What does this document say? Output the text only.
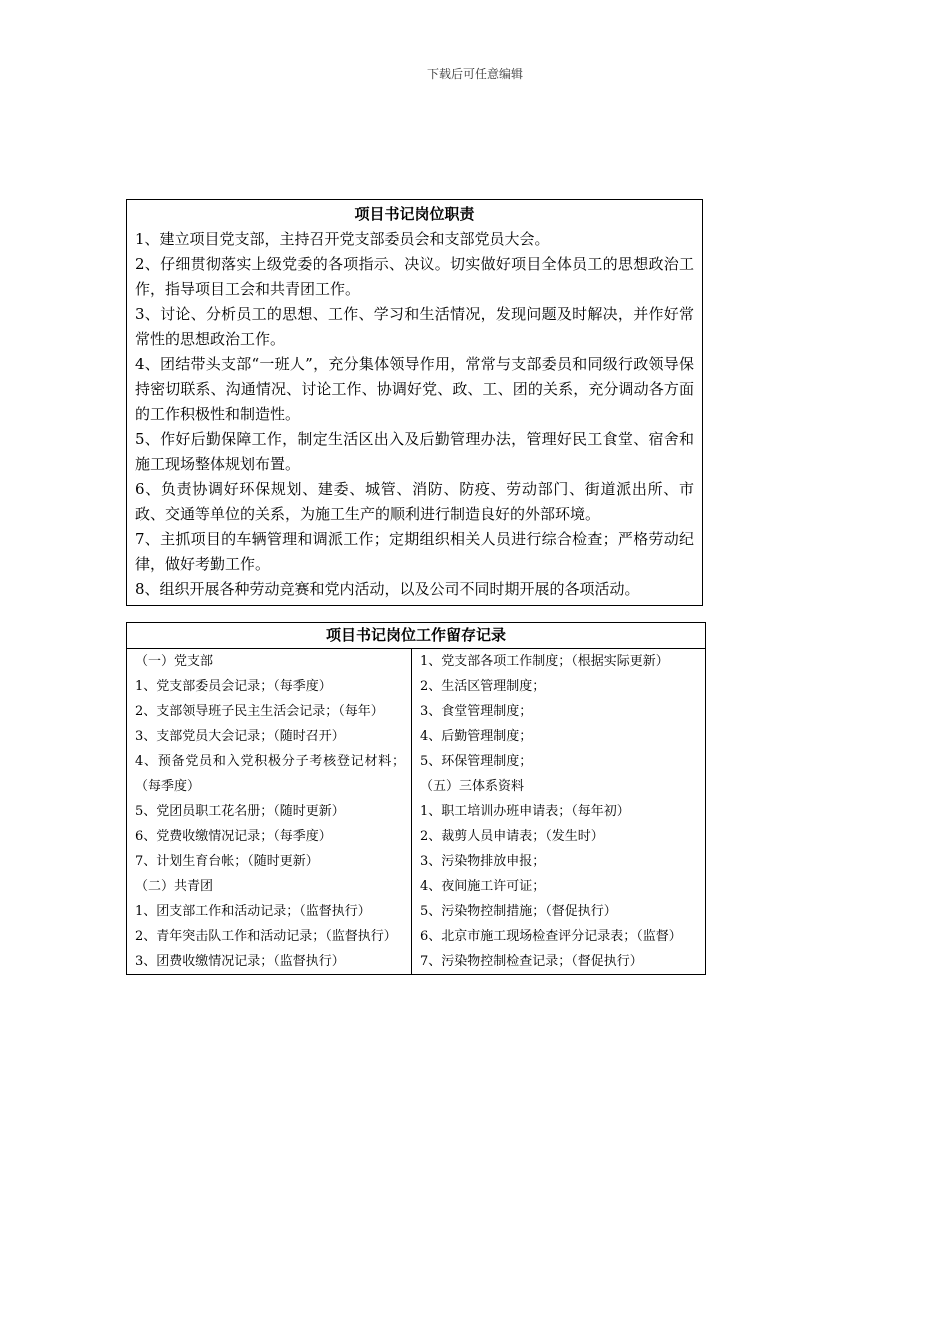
下载后可任意编辑
项目书记岗位职责
1、建立项目党支部，主持召开党支部委员会和支部党员大会。
2、仔细贯彻落实上级党委的各项指示、决议。切实做好项目全体员工的思想政治工作，指导项目工会和共青团工作。
3、讨论、分析员工的思想、工作、学习和生活情况，发现问题及时解决，并作好常常性的思想政治工作。
4、团结带头支部“一班人”，充分集体领导作用，常常与支部委员和同级行政领导保持密切联系、沟通情况、讨论工作、协调好党、政、工、团的关系，充分调动各方面的工作积极性和制造性。
5、作好后勤保障工作，制定生活区出入及后勤管理办法，管理好民工食堂、宿舍和施工现场整体规划布置。
6、负责协调好环保规划、建委、城管、消防、防疫、劳动部门、街道派出所、市政、交通等单位的关系，为施工生产的顺利进行制造良好的外部环境。
7、主抓项目的车辆管理和调派工作；定期组织相关人员进行综合检查；严格劳动纪律，做好考勤工作。
8、组织开展各种劳动竞赛和党内活动，以及公司不同时期开展的各项活动。
项目书记岗位工作留存记录

（一）党支部
1、党支部委员会记录；（每季度）
2、支部领导班子民主生活会记录；（每年）
3、支部党员大会记录；（随时召开）
4、预备党员和入党积极分子考核登记材料；（每季度）
5、党团员职工花名册；（随时更新）
6、党费收缴情况记录；（每季度）
7、计划生育台帐；（随时更新）
（二）共青团
1、团支部工作和活动记录；（监督执行）
2、青年突击队工作和活动记录；（监督执行）
3、团费收缴情况记录；（监督执行）

1、党支部各项工作制度；（根据实际更新）
2、生活区管理制度；
3、食堂管理制度；
4、后勤管理制度；
5、环保管理制度；
（五）三体系资料
1、职工培训办班申请表；（每年初）
2、裁剪人员申请表；（发生时）
3、污染物排放申报；
4、夜间施工许可证；
5、污染物控制措施；（督促执行）
6、北京市施工现场检查评分记录表；（监督）
7、污染物控制检查记录；（督促执行）
